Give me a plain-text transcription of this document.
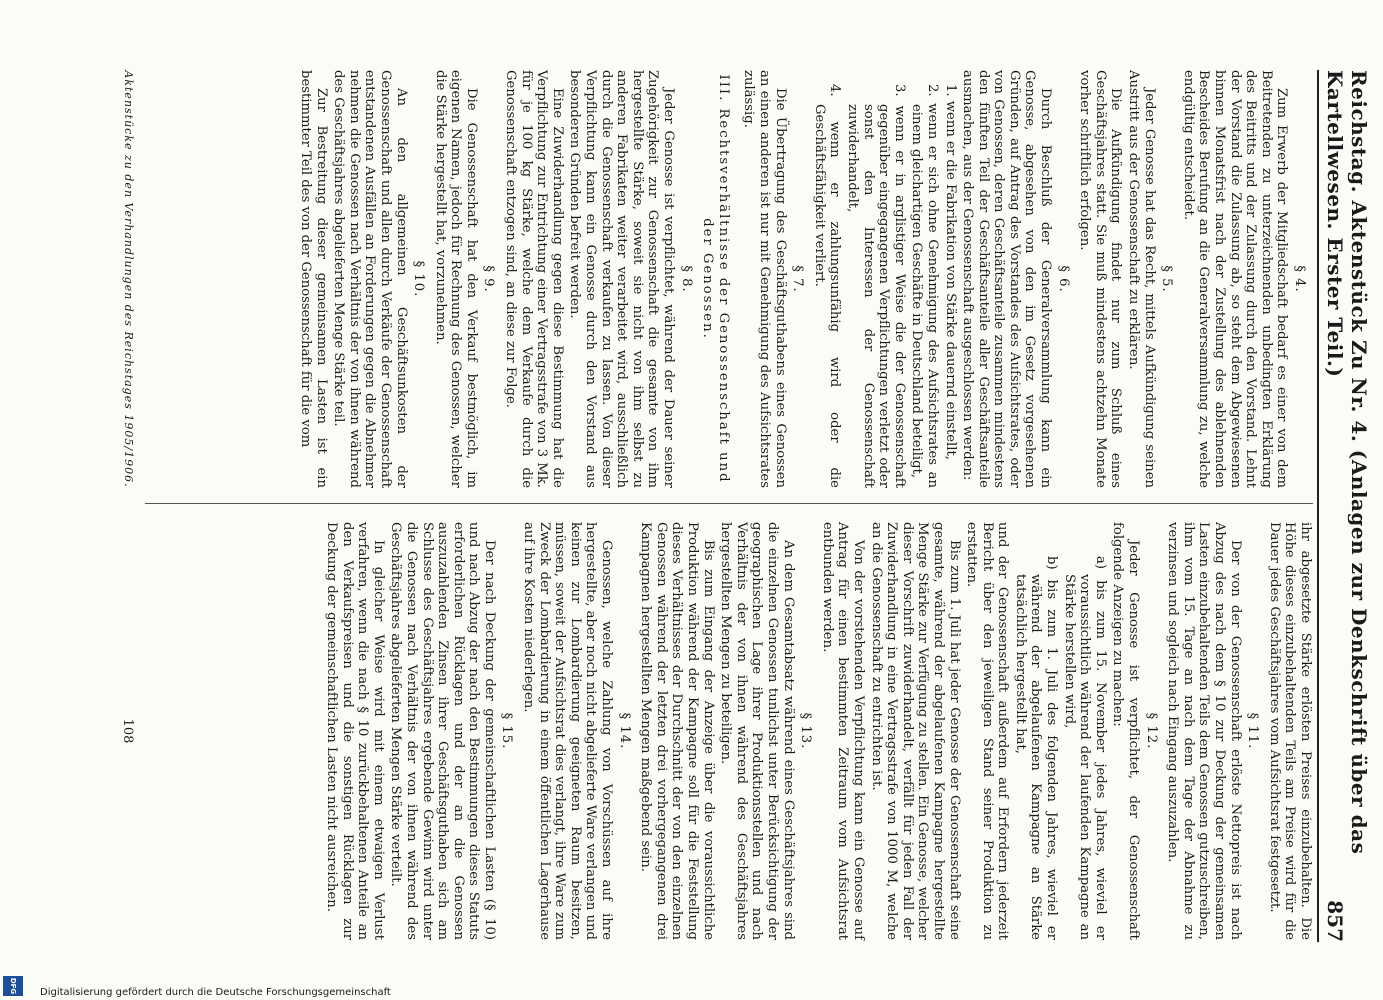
Reichstag. Aktenstück Zu Nr. 4. (Anlagen zur Denkschrift über das Kartellwesen. Erster Teil.)
857
§ 4.

Zum Erwerb der Mitgliedschaft bedarf es einer von dem Beitretenden zu unterzeichnenden unbedingten Erklärung des Beitritts und der Zulassung durch den Vorstand. Lehnt der Vorstand die Zulassung ab, so steht dem Abgewiesenen binnen Monatsfrist nach der Zustellung des ablehnenden Bescheides Berufung an die Generalversammlung zu, welche endgültig entscheidet.

§ 5.

Jeder Genosse hat das Recht, mittels Aufkündigung seinen Austritt aus der Genossenschaft zu erklären.

Die Aufkündigung findet nur zum Schluß eines Geschäftsjahres statt. Sie muß mindestens achtzehn Monate vorher schriftlich erfolgen.

§ 6.

Durch Beschluß der Generalversammlung kann ein Genosse, abgesehen von den im Gesetz vorgesehenen Gründen, auf Antrag des Vorstandes des Aufsichtsrates, oder von Genossen, deren Geschäftsanteile zusammen mindestens den fünften Teil der Geschäftsanteile aller Geschäftsanteile ausmachen, aus der Genossenschaft ausgeschlossen werden:

1. wenn er die Fabrikation von Stärke dauernd einstellt,
2. wenn er sich ohne Genehmigung des Aufsichtsrates an einem gleichartigen Geschäfte in Deutschland beteiligt,
3. wenn er in arglistiger Weise die der Genossenschaft gegenüber eingegangenen Verpflichtungen verletzt oder sonst den Interessen der Genossenschaft zuwiderhandelt,
4. wenn er zahlungsunfähig wird oder die Geschäftsfähigkeit verliert.
§ 7.

Die Übertragung des Geschäftsguthabens eines Genossen an einen anderen ist nur mit Genehmigung des Aufsichtsrates zulässig.

III. Rechtsverhältnisse der Genossenschaft und der Genossen.
§ 8.

Jeder Genosse ist verpflichtet, während der Dauer seiner Zugehörigkeit zur Genossenschaft die gesamte von ihm hergestellte Stärke, soweit sie nicht von ihm selbst zu anderen Fabrikaten weiter verarbeitet wird, ausschließlich durch die Genossenschaft verkaufen zu lassen. Von dieser Verpflichtung kann ein Genosse durch den Vorstand aus besonderen Gründen befreit werden.

Eine Zuwiderhandlung gegen diese Bestimmung hat die Verpflichtung zur Entrichtung einer Vertragsstrafe von 3 Mk. für je 100 kg Stärke, welche dem Verkaufe durch die Genossenschaft entzogen sind, an diese zur Folge.

§ 9.

Die Genossenschaft hat den Verkauf bestmöglich, im eigenen Namen, jedoch für Rechnung des Genossen, welcher die Stärke hergestellt hat, vorzunehmen.

§ 10.

An den allgemeinen Geschäftsunkosten der Genossenschaft und allen durch Verkäufe der Genossenschaft entstandenen Ausfällen an Forderungen gegen die Abnehmer nehmen die Genossen nach Verhältnis der von ihnen während des Geschäftsjahres abgelieferten Menge Stärke teil.

Zur Bestreitung dieser gemeinsamen Lasten ist ein bestimmter Teil des von der Genossenschaft für die vom

ihr abgesetzte Stärke erlösten Preises einzubehalten. Die Höhe dieses einzubehaltenden Teils am Preise wird für die Dauer jedes Geschäftsjahres vom Aufsichtsrat festgesetzt.

§ 11.

Der von der Genossenschaft erlöste Nettopreis ist nach Abzug des nach dem § 10 zur Deckung der gemeinsamen Lasten einzubehaltenden Teils dem Genossen gutzuschreiben, ihm vom 15. Tage an nach dem Tage der Abnahme zu verzinsen und sogleich nach Eingang auszuzahlen.

§ 12.

Jeder Genosse ist verpflichtet, der Genossenschaft folgende Anzeigen zu machen:

a) bis zum 15. November jedes Jahres, wieviel er voraussichtlich während der laufenden Kampagne an Stärke herstellen wird,
b) bis zum 1. Juli des folgenden Jahres, wieviel er während der abgelaufenen Kampagne an Stärke tatsächlich hergestellt hat,

und der Genossenschaft außerdem auf Erfordern jederzeit Bericht über den jeweiligen Stand seiner Produktion zu erstatten.

Bis zum 1. Juli hat jeder Genosse der Genossenschaft seine gesamte, während der abgelaufenen Kampagne hergestellte Menge Stärke zur Verfügung zu stellen. Ein Genosse, welcher dieser Vorschrift zuwiderhandelt, verfällt für jeden Fall der Zuwiderhandlung in eine Vertragsstrafe von 1000 M, welche an die Genossenschaft zu entrichten ist.

Von der vorstehenden Verpflichtung kann ein Genosse auf Antrag für einen bestimmten Zeitraum vom Aufsichtsrat entbunden werden.

§ 13.

An dem Gesamtabsatz während eines Geschäftsjahres sind die einzelnen Genossen tunlichst unter Berücksichtigung der geographischen Lage ihrer Produktionsstellen und nach Verhältnis der von ihnen während des Geschäftsjahres hergestellten Mengen zu beteiligen.

Bis zum Eingang der Anzeige über die voraussichtliche Produktion während der Kampagne soll für die Feststellung dieses Verhältnisses der Durchschnitt der von den einzelnen Genossen während der letzten drei vorhergegangenen drei Kampagnen hergestellten Mengen maßgebend sein.

§ 14.

Genossen, welche Zahlung von Vorschüssen auf ihre hergestellte, aber noch nicht abgelieferte Ware verlangen und keinen zur Lombardierung geeigneten Raum besitzen, müssen, soweit der Aufsichtsrat dies verlangt, ihre Ware zum Zweck der Lombardierung in einem öffentlichen Lagerhause auf ihre Kosten niederlegen.

§ 15.

Der nach Deckung der gemeinschaftlichen Lasten (§ 10) und nach Abzug der nach den Bestimmungen dieses Statuts erforderlichen Rücklagen und der an die Genossen auszuzahlenden Zinsen ihrer Geschäftsguthaben sich am Schlusse des Geschäftsjahres ergebende Gewinn wird unter die Genossen nach Verhältnis der von ihnen während des Geschäftsjahres abgelieferten Mengen Stärke verteilt.

In gleicher Weise wird mit einem etwaigen Verlust verfahren, wenn die nach § 10 zurückbehaltenen Anteile an den Verkaufspreisen und die sonstigen Rücklagen zur Deckung der gemeinschaftlichen Lasten nicht ausreichen.

Aktenstücke zu den Verhandlungen des Reichstages 1905/1906.
108
Digitalisierung gefördert durch die Deutsche Forschungsgemeinschaft
DFG
